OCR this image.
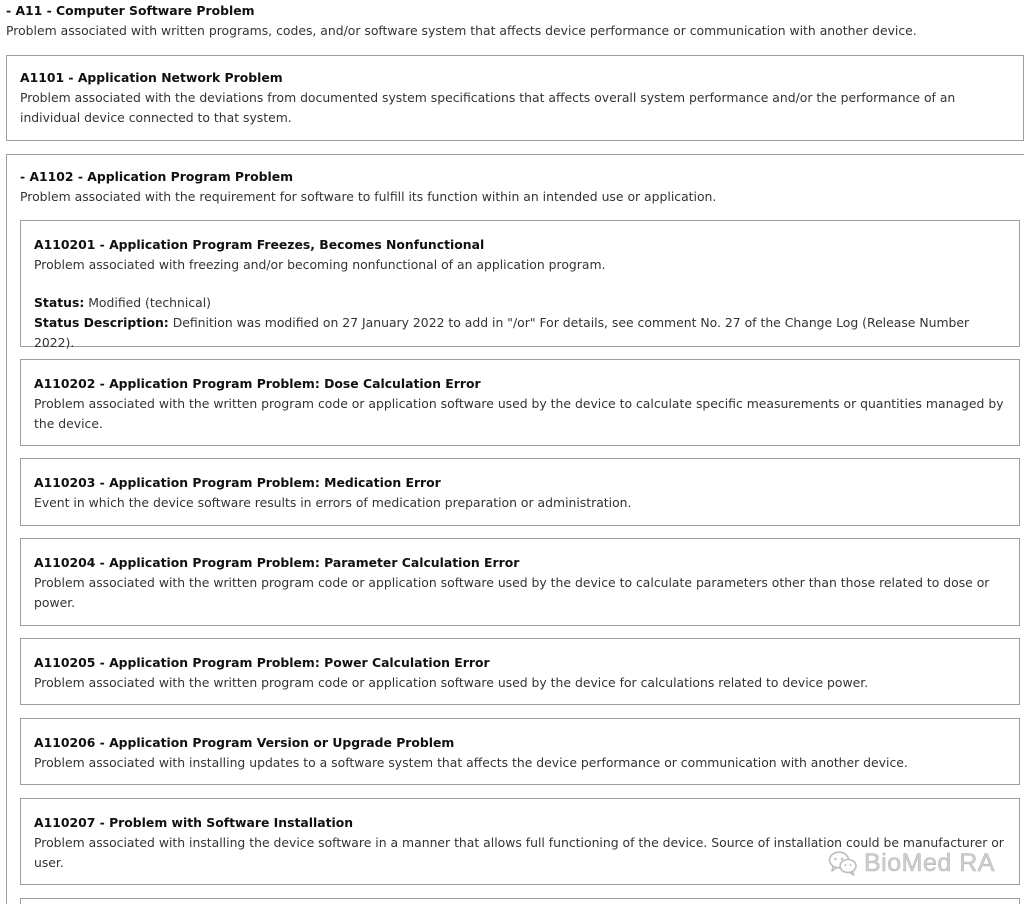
- A11 - Computer Software Problem
Problem associated with written programs, codes, and/or software system that affects device performance or communication with another device.
A1101 - Application Network Problem
Problem associated with the deviations from documented system specifications that affects overall system performance and/or the performance of an individual device connected to that system.
- A1102 - Application Program Problem
Problem associated with the requirement for software to fulfill its function within an intended use or application.
A110201 - Application Program Freezes, Becomes Nonfunctional
Problem associated with freezing and/or becoming nonfunctional of an application program.
Status: Modified (technical)
Status Description: Definition was modified on 27 January 2022 to add in "/or" For details, see comment No. 27 of the Change Log (Release Number 2022).
A110202 - Application Program Problem: Dose Calculation Error
Problem associated with the written program code or application software used by the device to calculate specific measurements or quantities managed by the device.
A110203 - Application Program Problem: Medication Error
Event in which the device software results in errors of medication preparation or administration.
A110204 - Application Program Problem: Parameter Calculation Error
Problem associated with the written program code or application software used by the device to calculate parameters other than those related to dose or power.
A110205 - Application Program Problem: Power Calculation Error
Problem associated with the written program code or application software used by the device for calculations related to device power.
A110206 - Application Program Version or Upgrade Problem
Problem associated with installing updates to a software system that affects the device performance or communication with another device.
A110207 - Problem with Software Installation
Problem associated with installing the device software in a manner that allows full functioning of the device. Source of installation could be manufacturer or user.	BioMed RA
